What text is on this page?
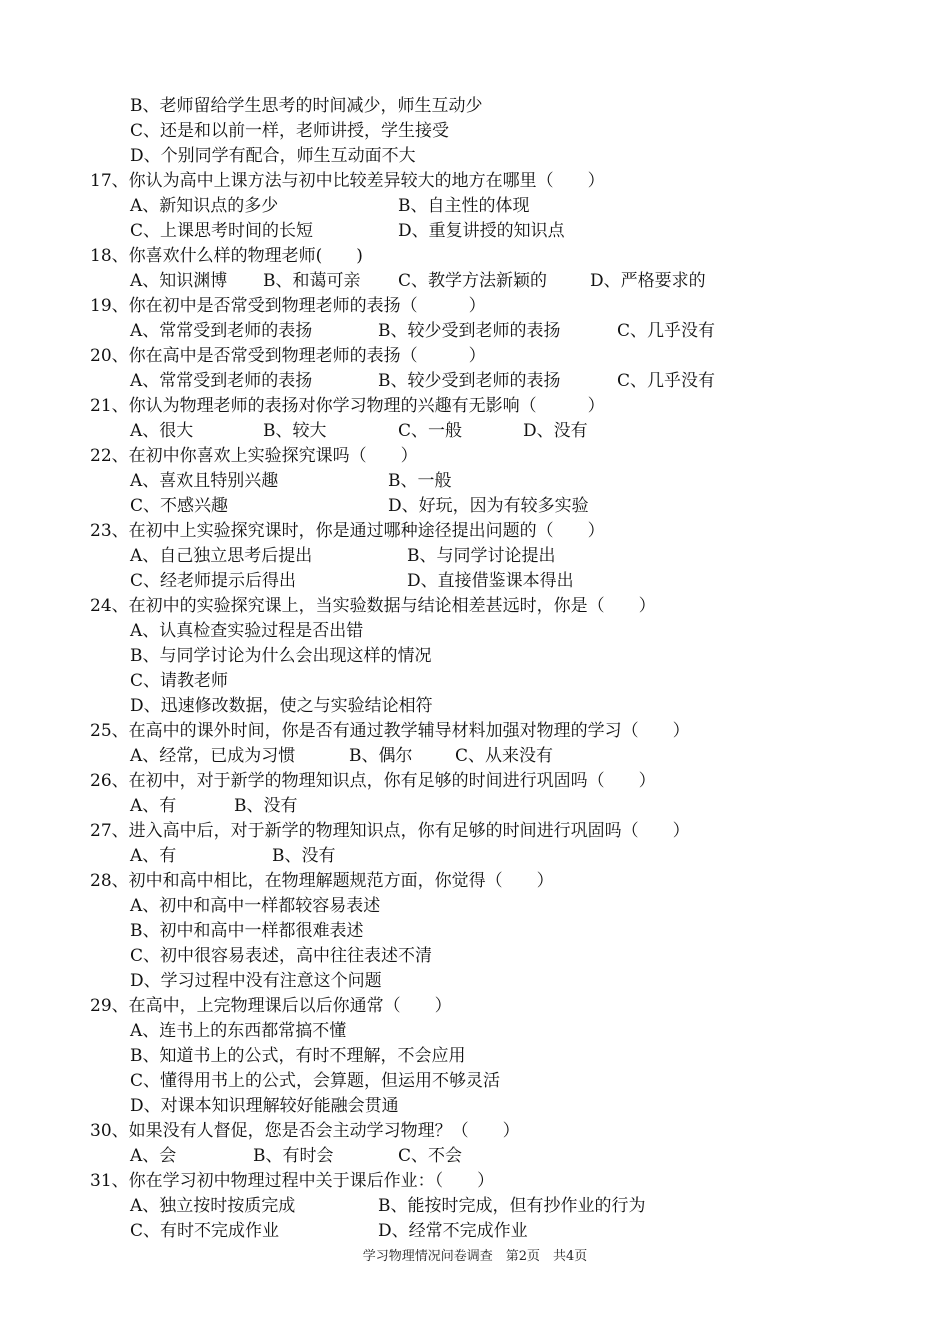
B、老师留给学生思考的时间减少，师生互动少
C、还是和以前一样，老师讲授，学生接受
D、个别同学有配合，师生互动面不大
17、你认为高中上课方法与初中比较差异较大的地方在哪里（　　）
A、新知识点的多少	B、自主性的体现
C、上课思考时间的长短	D、重复讲授的知识点
18、你喜欢什么样的物理老师(　　)
A、知识渊博 B、和蔼可亲 C、教学方法新颖的	D、严格要求的
19、你在初中是否常受到物理老师的表扬（　　　）
A、常常受到老师的表扬	B、较少受到老师的表扬	C、几乎没有
20、你在高中是否常受到物理老师的表扬（　　　）
A、常常受到老师的表扬	B、较少受到老师的表扬	C、几乎没有
21、你认为物理老师的表扬对你学习物理的兴趣有无影响（　　　）
A、很大	B、较大	C、一般	D、没有
22、在初中你喜欢上实验探究课吗（　　）
A、喜欢且特别兴趣	B、一般
C、不感兴趣	D、好玩，因为有较多实验
23、在初中上实验探究课时，你是通过哪种途径提出问题的（　　）
A、自己独立思考后提出	B、与同学讨论提出
C、经老师提示后得出	D、直接借鉴课本得出
24、在初中的实验探究课上，当实验数据与结论相差甚远时，你是（　　）
A、认真检查实验过程是否出错
B、与同学讨论为什么会出现这样的情况
C、请教老师
D、迅速修改数据，使之与实验结论相符
25、在高中的课外时间，你是否有通过教学辅导材料加强对物理的学习（　　）
A、经常，已成为习惯	B、偶尔	C、从来没有
26、在初中，对于新学的物理知识点，你有足够的时间进行巩固吗（　　）
A、有	B、没有
27、进入高中后，对于新学的物理知识点，你有足够的时间进行巩固吗（　　）
A、有	B、没有
28、初中和高中相比，在物理解题规范方面，你觉得（　　）
A、初中和高中一样都较容易表述
B、初中和高中一样都很难表述
C、初中很容易表述，高中往往表述不清
D、学习过程中没有注意这个问题
29、在高中，上完物理课后以后你通常（　　）
A、连书上的东西都常搞不懂
B、知道书上的公式，有时不理解，不会应用
C、懂得用书上的公式，会算题，但运用不够灵活
D、对课本知识理解较好能融会贯通
30、如果没有人督促，您是否会主动学习物理？（　　）
A、会	B、有时会	C、不会
31、你在学习初中物理过程中关于课后作业：（　　）
A、独立按时按质完成	B、能按时完成，但有抄作业的行为
C、有时不完成作业	D、经常不完成作业
学习物理情况问卷调查　第2页　共4页
